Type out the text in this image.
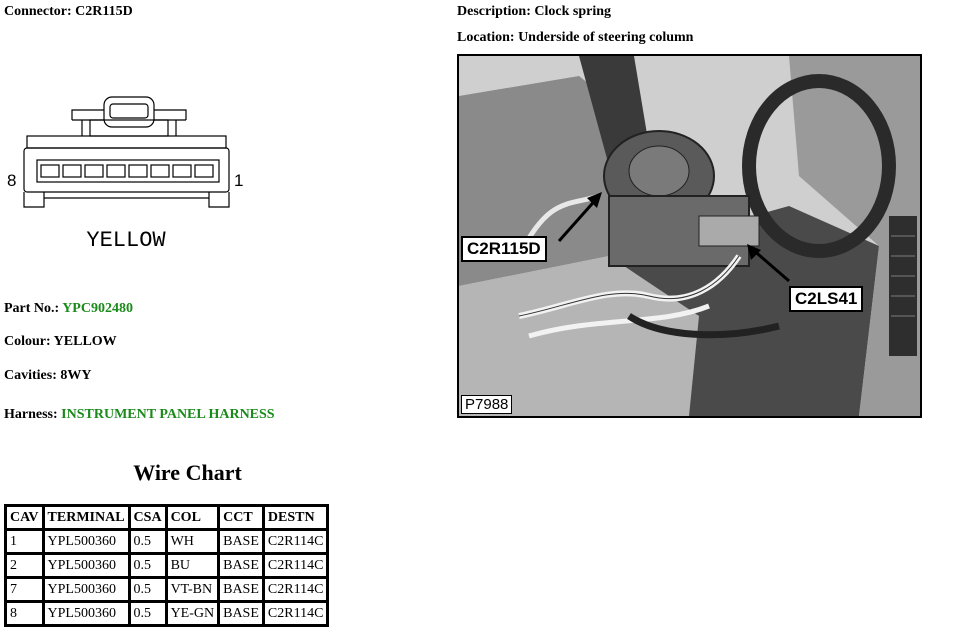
Connector: C2R115D	Description: Clock spring
Location: Underside of steering column
8	1
YELLOW
Part No.: YPC902480
Colour: YELLOW
Cavities: 8WY
Harness: INSTRUMENT PANEL HARNESS
Wire Chart
CAV	TERMINAL	CSA	COL	CCT	DESTN
1	YPL500360	0.5	WH	BASE	C2R114C
2	YPL500360	0.5	BU	BASE	C2R114C
7	YPL500360	0.5	VT-BN	BASE	C2R114C
8	YPL500360	0.5	YE-GN	BASE	C2R114C
C2R115D
C2LS41
P7988
